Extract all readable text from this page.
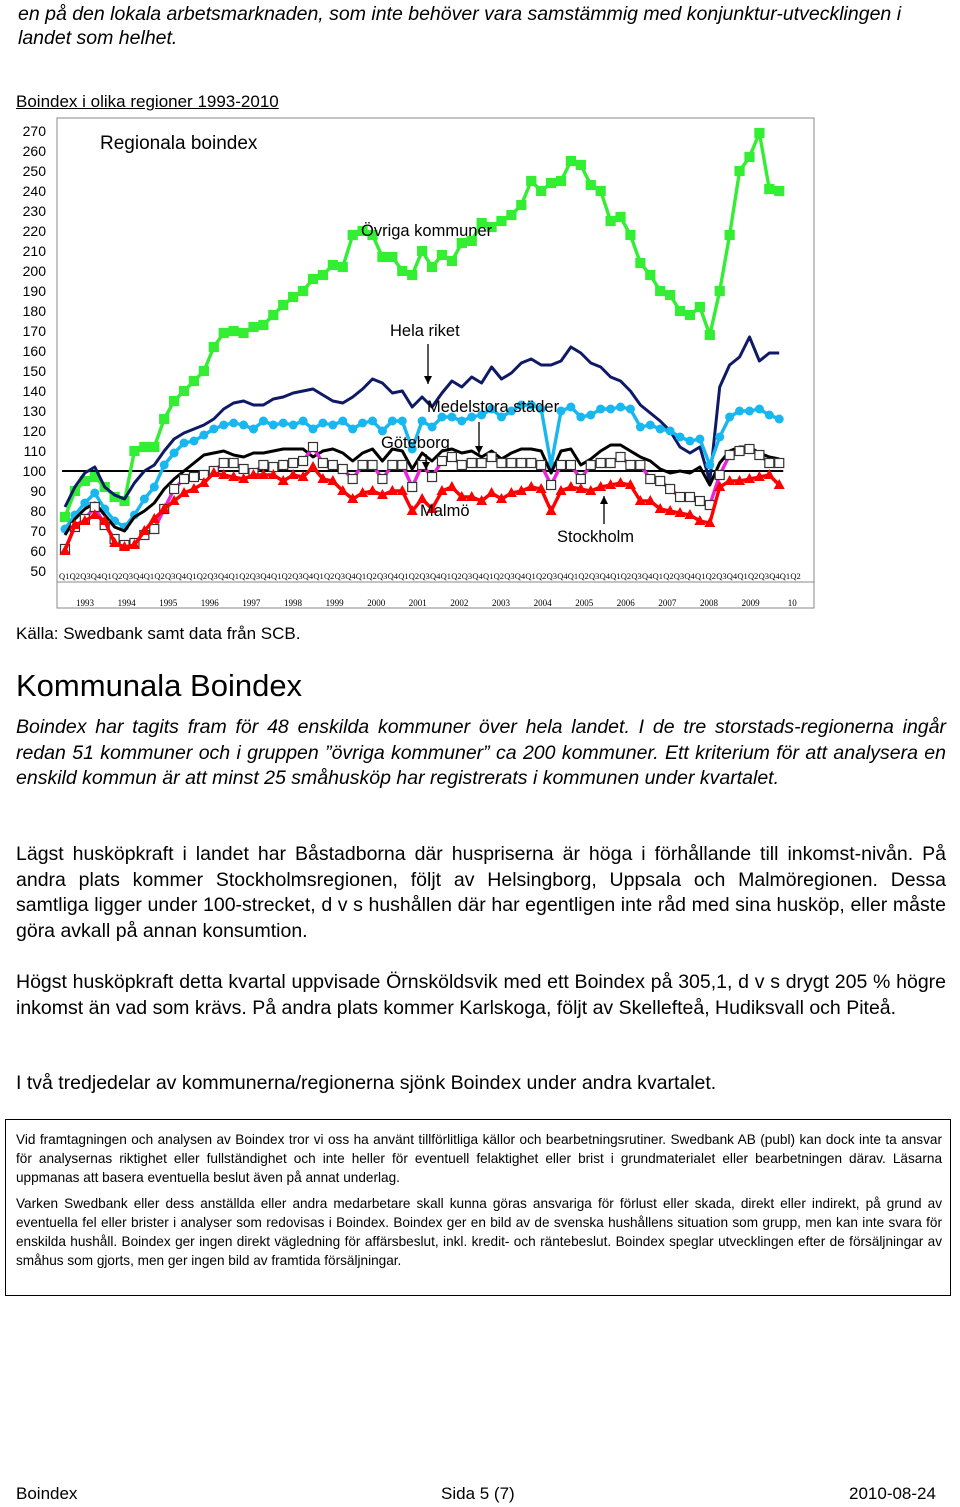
en på den lokala arbetsmarknaden, som inte behöver vara samstämmig med konjunktur-utvecklingen i landet som helhet.

Boindex i olika regioner 1993-2010

50
60
70
80
90
100
110
120
130
140
150
160
170
180
190
200
210
220
230
240
250
260
270
Q1 Q2 Q3 Q4 Q1 Q2 Q3 Q4 Q1 Q2 Q3 Q4 Q1 Q2 Q3 Q4 Q1 Q2 Q3 Q4 Q1 Q2 Q3 Q4 Q1 Q2 Q3 Q4 Q1 Q2 Q3 Q4 Q1 Q2 Q3 Q4 Q1 Q2 Q3 Q4 Q1 Q2 Q3 Q4 Q1 Q2 Q3 Q4 Q1 Q2 Q3 Q4 Q1 Q2 Q3 Q4 Q1 Q2 Q3 Q4 Q1 Q2 Q3 Q4 Q1 Q2 Q3 Q4 Q1 Q2
1993	1994	1995	1996	1997	1998	1999	2000	2001	2002	2003	2004	2005	2006	2007	2008	2009	10
Regionala boindex
Övriga kommuner
Hela riket
Medelstora städer
Göteborg
Malmö
Stockholm

Källa: Swedbank samt data från SCB.

Kommunala Boindex

Boindex har tagits fram för 48 enskilda kommuner över hela landet. I de tre storstads-regionerna ingår redan 51 kommuner och i gruppen ”övriga kommuner” ca 200 kommuner. Ett kriterium för att analysera en enskild kommun är att minst 25 småhusköp har registrerats i kommunen under kvartalet.

Lägst husköpkraft i landet har Båstadborna där huspriserna är höga i förhållande till inkomst-nivån. På andra plats kommer Stockholmsregionen, följt av Helsingborg, Uppsala och Malmöregionen. Dessa samtliga ligger under 100-strecket, d v s hushållen där har egentligen inte råd med sina husköp, eller måste göra avkall på annan konsumtion.

Högst husköpkraft detta kvartal uppvisade Örnsköldsvik med ett Boindex på 305,1, d v s drygt 205 % högre inkomst än vad som krävs. På andra plats kommer Karlskoga, följt av Skellefteå, Hudiksvall och Piteå.

I två tredjedelar av kommunerna/regionerna sjönk Boindex under andra kvartalet.

Vid framtagningen och analysen av Boindex tror vi oss ha använt tillförlitliga källor och bearbetningsrutiner. Swedbank AB (publ) kan dock inte ta ansvar för analysernas riktighet eller fullständighet och inte heller för eventuell felaktighet eller brist i grundmaterialet eller bearbetningen därav. Läsarna uppmanas att basera eventuella beslut även på annat underlag.

Varken Swedbank eller dess anställda eller andra medarbetare skall kunna göras ansvariga för förlust eller skada, direkt eller indirekt, på grund av eventuella fel eller brister i analyser som redovisas i Boindex. Boindex ger en bild av de svenska hushållens situation som grupp, men kan inte svara för enskilda hushåll. Boindex ger ingen direkt vägledning för affärsbeslut, inkl. kredit- och räntebeslut. Boindex speglar utvecklingen efter de försäljningar av småhus som gjorts, men ger ingen bild av framtida försäljningar.

Boindex	Sida 5 (7)	2010-08-24
